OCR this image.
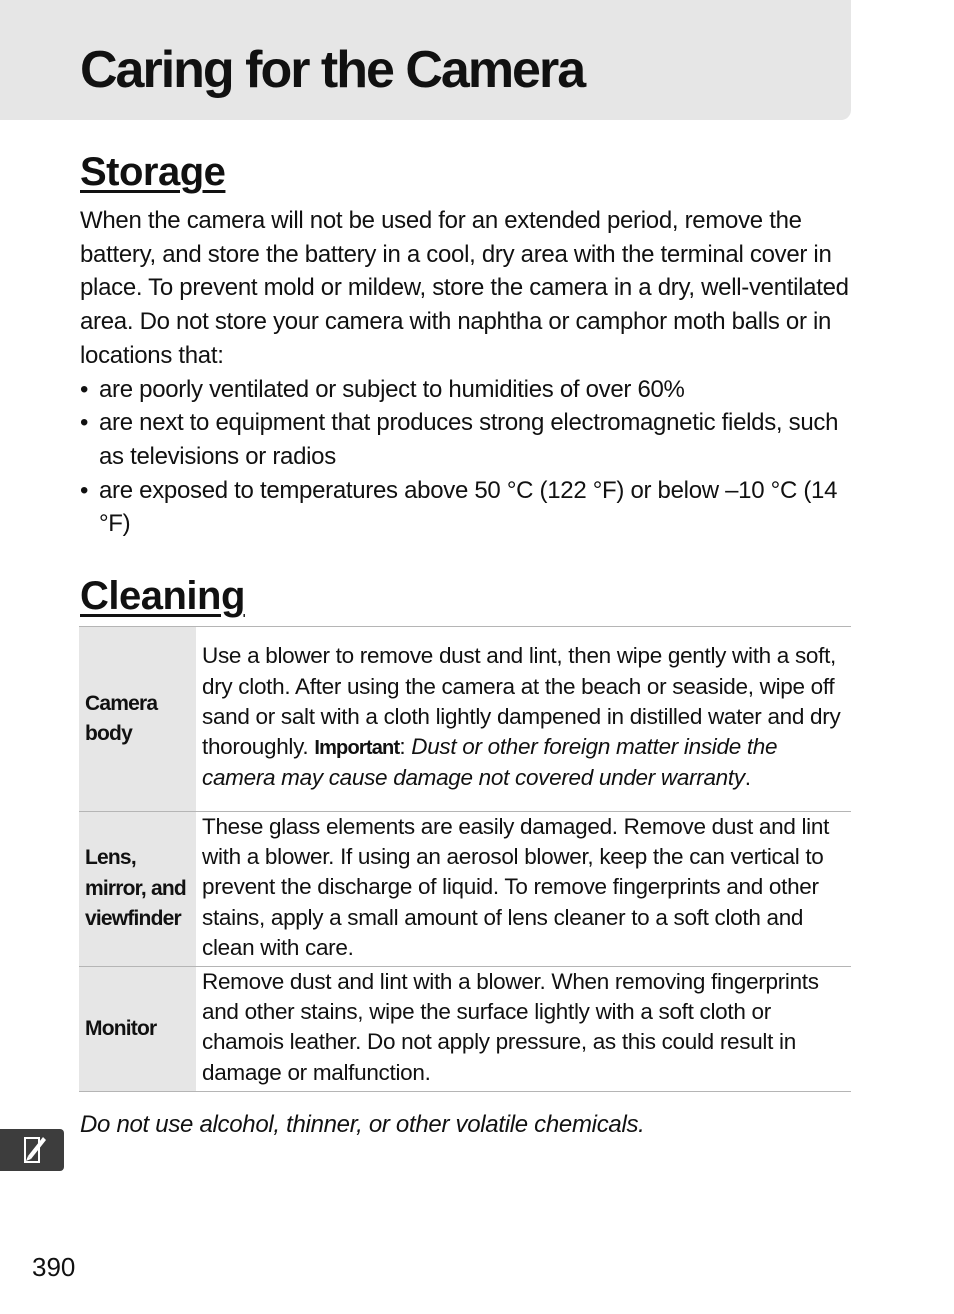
Caring for the Camera
Storage

When the camera will not be used for an extended period, remove the battery, and store the battery in a cool, dry area with the terminal cover in place. To prevent mold or mildew, store the camera in a dry, well-ventilated area. Do not store your camera with naphtha or camphor moth balls or in locations that:

• are poorly ventilated or subject to humidities of over 60%
• are next to equipment that produces strong electromagnetic fields, such as televisions or radios
• are exposed to temperatures above 50 °C (122 °F) or below –10 °C (14 °F)
Cleaning
Camera body	Use a blower to remove dust and lint, then wipe gently with a soft, dry cloth. After using the camera at the beach or seaside, wipe off sand or salt with a cloth lightly dampened in distilled water and dry thoroughly. Important: Dust or other foreign matter inside the camera may cause damage not covered under warranty.

Lens, mirror, and viewfinder	These glass elements are easily damaged. Remove dust and lint with a blower. If using an aerosol blower, keep the can vertical to prevent the discharge of liquid. To remove fingerprints and other stains, apply a small amount of lens cleaner to a soft cloth and clean with care.
Monitor	Remove dust and lint with a blower. When removing fingerprints and other stains, wipe the surface lightly with a soft cloth or chamois leather. Do not apply pressure, as this could result in damage or malfunction.

Do not use alcohol, thinner, or other volatile chemicals.

390
